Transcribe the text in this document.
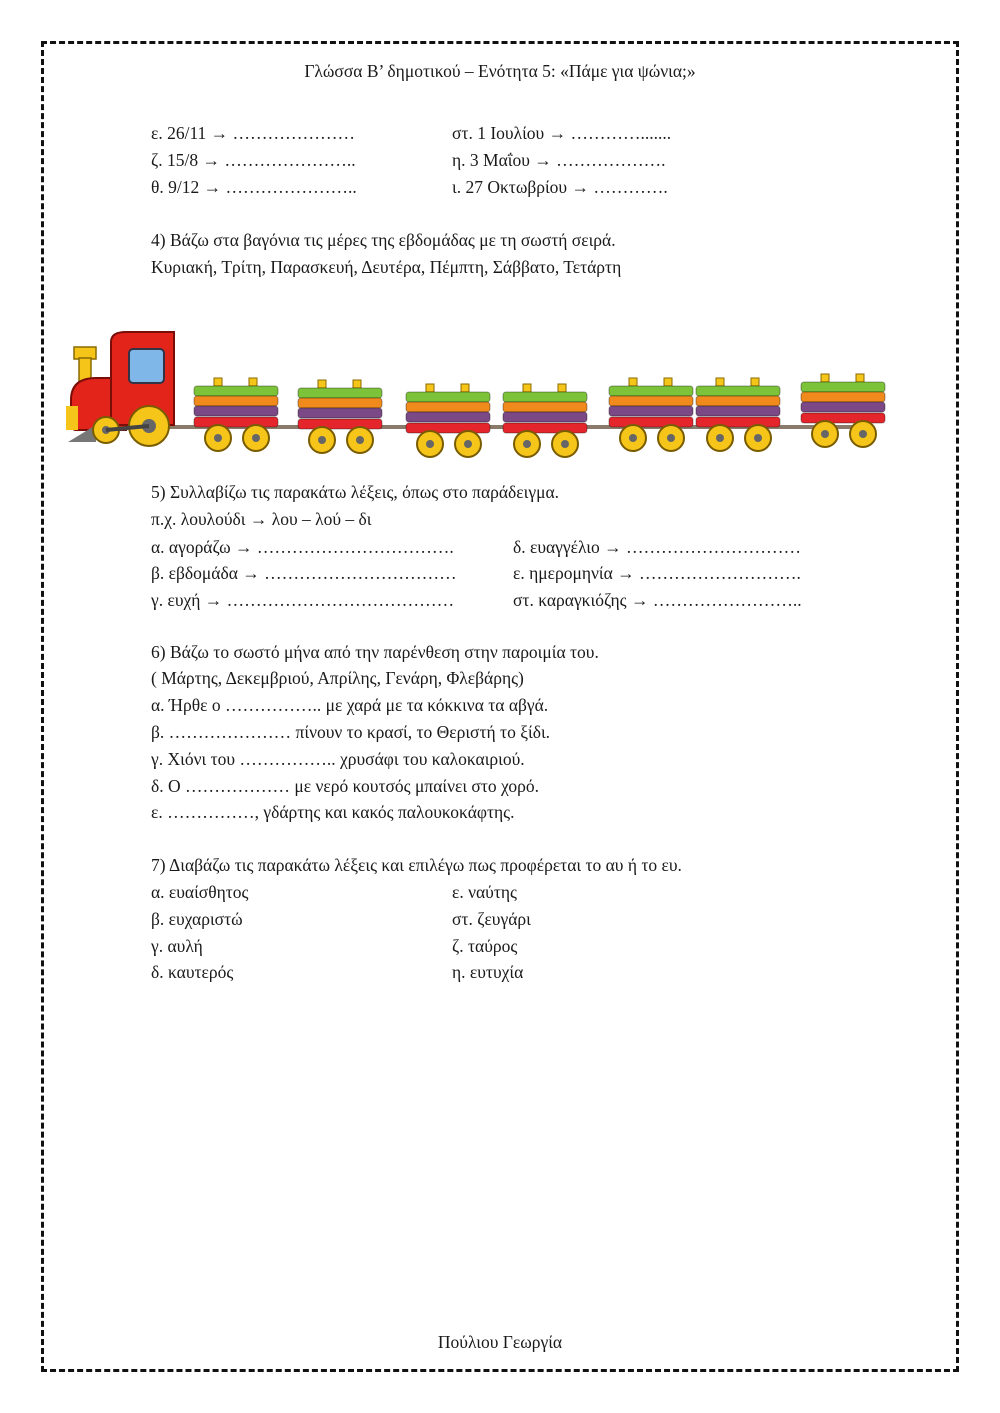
Γλώσσα Β’ δημοτικού – Ενότητα 5: «Πάμε για ψώνια;»
ε. 26/11 → …………………
ζ. 15/8 → …………………..
θ. 9/12 → …………………..
στ. 1 Ιουλίου → ………….......
η. 3 Μαΐου → ……………….
ι. 27 Οκτωβρίου → ………….
4) Βάζω στα βαγόνια τις μέρες της εβδομάδας με τη σωστή σειρά.
Κυριακή, Τρίτη, Παρασκευή, Δευτέρα, Πέμπτη, Σάββατο, Τετάρτη
5) Συλλαβίζω τις παρακάτω λέξεις, όπως στο παράδειγμα.
π.χ. λουλούδι → λου – λού – δι
α. αγοράζω → …………………………….
β. εβδομάδα → ……………………………
γ. ευχή → …………………………………
δ. ευαγγέλιο → …………………………
ε. ημερομηνία → ……………………….
στ. καραγκιόζης → ……………………..
6) Βάζω το σωστό μήνα από την παρένθεση στην παροιμία του.
( Μάρτης, Δεκεμβριού, Απρίλης, Γενάρη, Φλεβάρης)
α. Ήρθε ο …………….. με χαρά με τα κόκκινα τα αβγά.
β. ………………… πίνουν το κρασί, το Θεριστή το ξίδι.
γ. Χιόνι του …………….. χρυσάφι του καλοκαιριού.
δ. Ο ……………… με νερό κουτσός μπαίνει στο χορό.
ε. ……………, γδάρτης και κακός παλουκοκάφτης.
7) Διαβάζω τις παρακάτω λέξεις και επιλέγω πως προφέρεται το αυ ή το ευ.
α. ευαίσθητος
β. ευχαριστώ
γ. αυλή
δ. καυτερός
ε. ναύτης
στ. ζευγάρι
ζ. ταύρος
η. ευτυχία
Πούλιου Γεωργία
